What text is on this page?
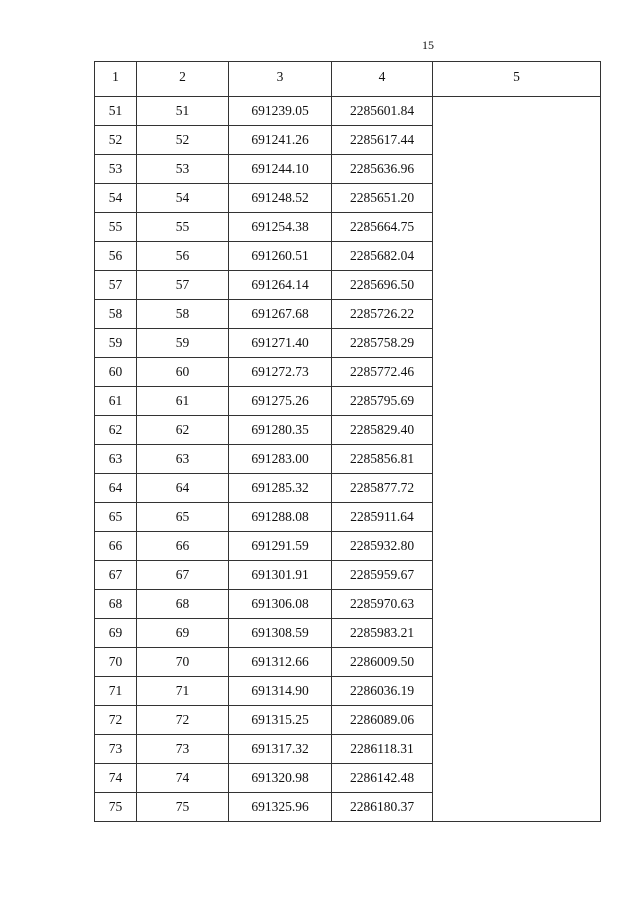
15
1	2	3	4	5
51	51	691239.05	2285601.84	
52	52	691241.26	2285617.44	
53	53	691244.10	2285636.96	
54	54	691248.52	2285651.20	
55	55	691254.38	2285664.75	
56	56	691260.51	2285682.04	
57	57	691264.14	2285696.50	
58	58	691267.68	2285726.22	
59	59	691271.40	2285758.29	
60	60	691272.73	2285772.46	
61	61	691275.26	2285795.69	
62	62	691280.35	2285829.40	
63	63	691283.00	2285856.81	
64	64	691285.32	2285877.72	
65	65	691288.08	2285911.64	
66	66	691291.59	2285932.80	
67	67	691301.91	2285959.67	
68	68	691306.08	2285970.63	
69	69	691308.59	2285983.21	
70	70	691312.66	2286009.50	
71	71	691314.90	2286036.19	
72	72	691315.25	2286089.06	
73	73	691317.32	2286118.31	
74	74	691320.98	2286142.48	
75	75	691325.96	2286180.37	
